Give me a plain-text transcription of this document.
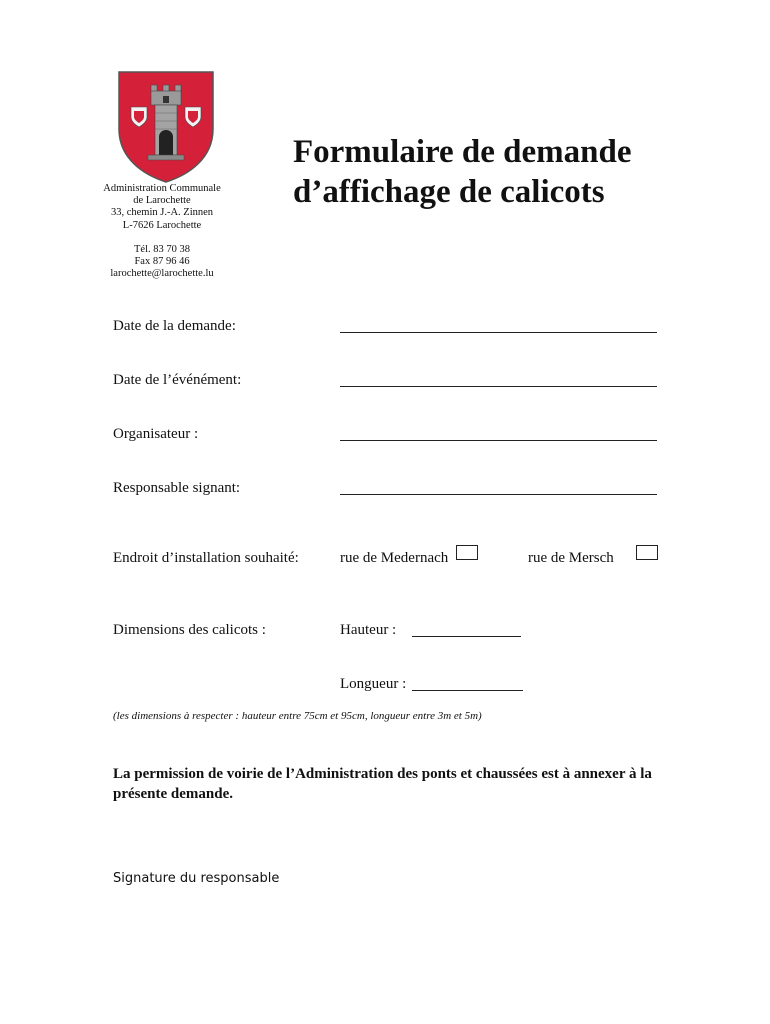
Administration Communale
de Larochette
33, chemin J.-A. Zinnen
L-7626 Larochette
Tél. 83 70 38
Fax 87 96 46
larochette@larochette.lu
Formulaire de demande
d’affichage de calicots
Date de la demande:
Date de l’événément:
Organisateur :
Responsable signant:
Endroit d’installation souhaité:	rue de Medernach	rue de Mersch
Dimensions des calicots :	Hauteur :
Longueur :
(les dimensions à respecter : hauteur entre 75cm et 95cm, longueur entre 3m et 5m)
La permission de voirie de l’Administration des ponts et chaussées est à annexer à la présente demande.
Signature du responsable
